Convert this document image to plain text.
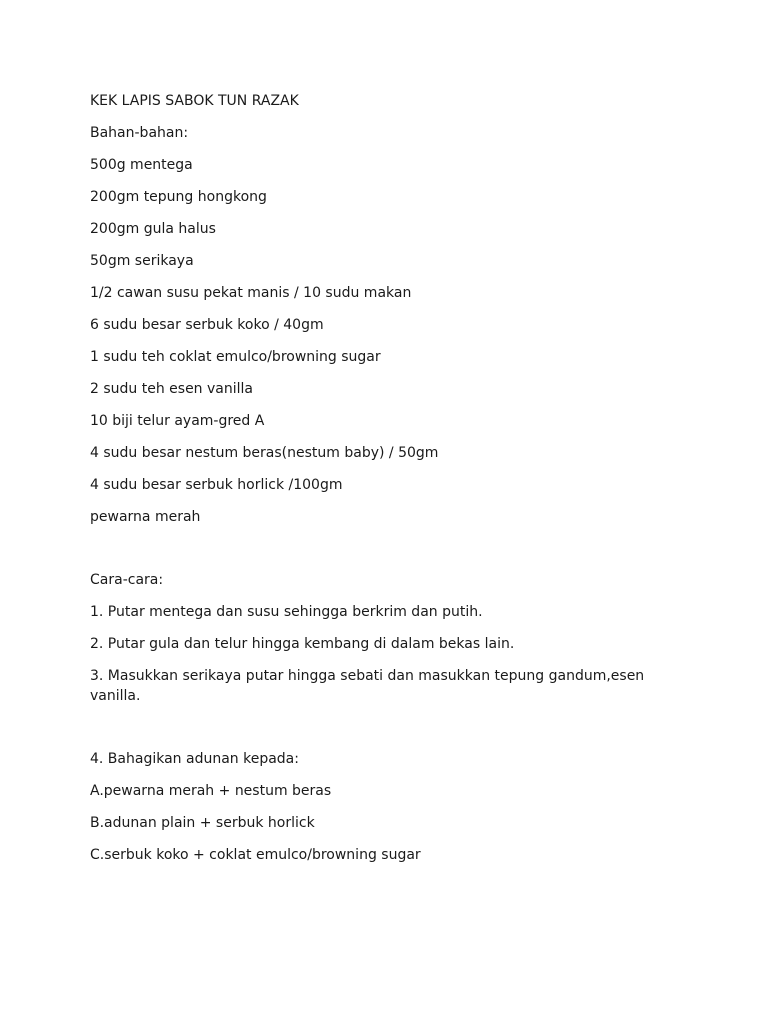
KEK LAPIS SABOK TUN RAZAK
Bahan-bahan:
500g mentega
200gm tepung hongkong
200gm gula halus
50gm serikaya
1/2 cawan susu pekat manis / 10 sudu makan
6 sudu besar serbuk koko / 40gm
1 sudu teh coklat emulco/browning sugar
2 sudu teh esen vanilla
10 biji telur ayam-gred A
4 sudu besar nestum beras(nestum baby) / 50gm
4 sudu besar serbuk horlick /100gm
pewarna merah
Cara-cara:
1. Putar mentega dan susu sehingga berkrim dan putih.
2. Putar gula dan telur hingga kembang di dalam bekas lain.
3. Masukkan serikaya putar hingga sebati dan masukkan tepung gandum,esen vanilla.
4. Bahagikan adunan kepada:
A.pewarna merah + nestum beras
B.adunan plain + serbuk horlick
C.serbuk koko + coklat emulco/browning sugar
